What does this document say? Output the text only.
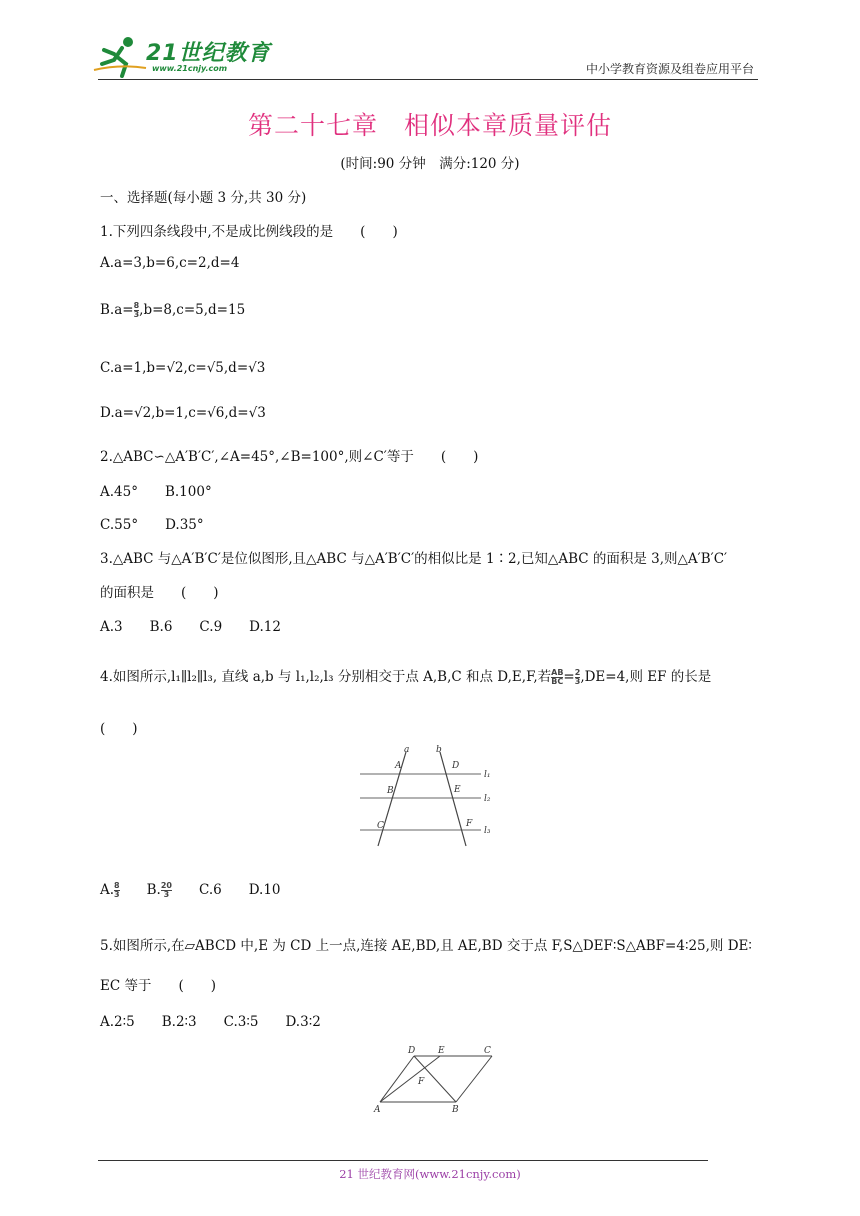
21世纪教育
www.21cnjy.com	中小学教育资源及组卷应用平台
第二十七章　相似本章质量评估
(时间:90 分钟　满分:120 分)
一、选择题(每小题 3 分,共 30 分)
1.下列四条线段中,不是成比例线段的是　　 (　　)
A.a=3,b=6,c=2,d=4
$B.a= \frac{8}{3} ,b=8,c=5,d=15$
C.a=1,b=√2,c=√5,d=√3
D.a=√2,b=1,c=√6,d=√3
2.△ABC∽△A′B′C′,∠A=45°,∠B=100°,则∠C′等于　　 (　　)
A.45°　　B.100°
C.55°　　D.35°
3.△ABC 与△A′B′C′是位似图形,且△ABC 与△A′B′C′的相似比是 1∶2,已知△ABC 的面积是 3,则△A′B′C′
的面积是　　 (　　)
A.3　　B.6　　C.9　　D.12
4.如图所示,l₁∥l₂∥l₃, 直线 a,b 与 l₁,l₂,l₃ 分别相交于点 A,B,C 和点 D,E,F,若 $\frac{AB}{BC} = \frac{2}{3} ,DE=4$,则 EF 的长是
(　　)
a	b
A	D
B	E
C	F
l₁
l₂
l₃
A. $\frac{8}{3}$
　　 B. $\frac{20}{3}$
　　 C.6　　D.10
5.如图所示,在▱ABCD 中,E 为 CD 上一点,连接 AE,BD,且 AE,BD 交于点 F,S△DEF∶S△ABF=4∶25,则 DE∶
EC 等于　　 (　　)
A.2∶5　　B.2∶3　　C.3∶5　　D.3∶2
D	E	C
F
A	B
21 世纪教育网(www.21cnjy.com)
